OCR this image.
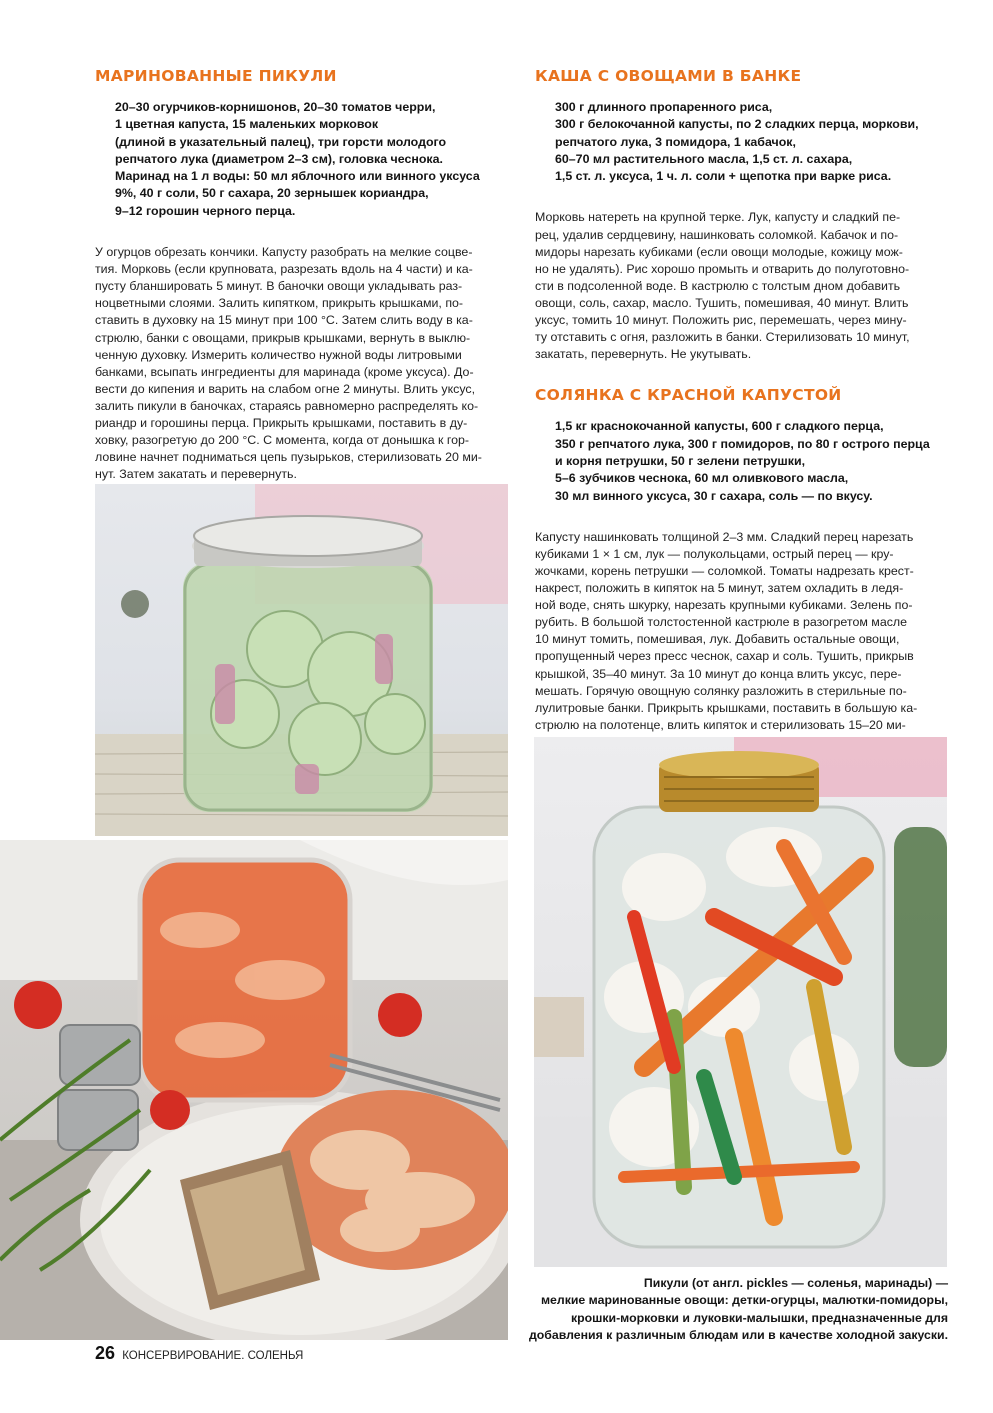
МАРИНОВАННЫЕ ПИКУЛИ
20–30 огурчиков-корнишонов, 20–30 томатов черри,
1 цветная капуста, 15 маленьких морковок
(длиной в указательный палец), три горсти молодого
репчатого лука (диаметром 2–3 см), головка чеснока.
Маринад на 1 л воды: 50 мл яблочного или винного уксуса
9%, 40 г соли, 50 г сахара, 20 зернышек кориандра,
9–12 горошин черного перца.
У огурцов обрезать кончики. Капусту разобрать на мелкие соцве-
тия. Морковь (если крупновата, разрезать вдоль на 4 части) и ка-
пусту бланшировать 5 минут. В баночки овощи укладывать раз-
ноцветными слоями. Залить кипятком, прикрыть крышками, по-
ставить в духовку на 15 минут при 100 °С. Затем слить воду в ка-
стрюлю, банки с овощами, прикрыв крышками, вернуть в выклю-
ченную духовку. Измерить количество нужной воды литровыми
банками, всыпать ингредиенты для маринада (кроме уксуса). До-
вести до кипения и варить на слабом огне 2 минуты. Влить уксус,
залить пикули в баночках, стараясь равномерно распределять ко-
риандр и горошины перца. Прикрыть крышками, поставить в ду-
ховку, разогретую до 200 °С. С момента, когда от донышка к гор-
ловине начнет подниматься цепь пузырьков, стерилизовать 20 ми-
нут. Затем закатать и перевернуть.
КАША С ОВОЩАМИ В БАНКЕ
300 г длинного пропаренного риса,
300 г белокочанной капусты, по 2 сладких перца, моркови,
репчатого лука, 3 помидора, 1 кабачок,
60–70 мл растительного масла, 1,5 ст. л. сахара,
1,5 ст. л. уксуса, 1 ч. л. соли + щепотка при варке риса.
Морковь натереть на крупной терке. Лук, капусту и сладкий пе-
рец, удалив сердцевину, нашинковать соломкой. Кабачок и по-
мидоры нарезать кубиками (если овощи молодые, кожицу мож-
но не удалять). Рис хорошо промыть и отварить до полуготовно-
сти в подсоленной воде. В кастрюлю с толстым дном добавить
овощи, соль, сахар, масло. Тушить, помешивая, 40 минут. Влить
уксус, томить 10 минут. Положить рис, перемешать, через мину-
ту отставить с огня, разложить в банки. Стерилизовать 10 минут,
закатать, перевернуть. Не укутывать.
СОЛЯНКА С КРАСНОЙ КАПУСТОЙ
1,5 кг краснокочанной капусты, 600 г сладкого перца,
350 г репчатого лука, 300 г помидоров, по 80 г острого перца
и корня петрушки, 50 г зелени петрушки,
5–6 зубчиков чеснока, 60 мл оливкового масла,
30 мл винного уксуса, 30 г сахара, соль — по вкусу.
Капусту нашинковать толщиной 2–3 мм. Сладкий перец нарезать
кубиками 1 × 1 см, лук — полукольцами, острый перец — кру-
жочками, корень петрушки — соломкой. Томаты надрезать крест-
накрест, положить в кипяток на 5 минут, затем охладить в ледя-
ной воде, снять шкурку, нарезать крупными кубиками. Зелень по-
рубить. В большой толстостенной кастрюле в разогретом масле
10 минут томить, помешивая, лук. Добавить остальные овощи,
пропущенный через пресс чеснок, сахар и соль. Тушить, прикрыв
крышкой, 35–40 минут. За 10 минут до конца влить уксус, пере-
мешать. Горячую овощную солянку разложить в стерильные по-
лулитровые банки. Прикрыть крышками, поставить в большую ка-
стрюлю на полотенце, влить кипяток и стерилизовать 15–20 ми-
Пикули (от англ. pickles — соленья, маринады) —
мелкие маринованные овощи: детки-огурцы, малютки-помидоры,
крошки-морковки и луковки-малышки, предназначенные для
добавления к различным блюдам или в качестве холодной закуски.
26 КОНСЕРВИРОВАНИЕ. СОЛЕНЬЯ
